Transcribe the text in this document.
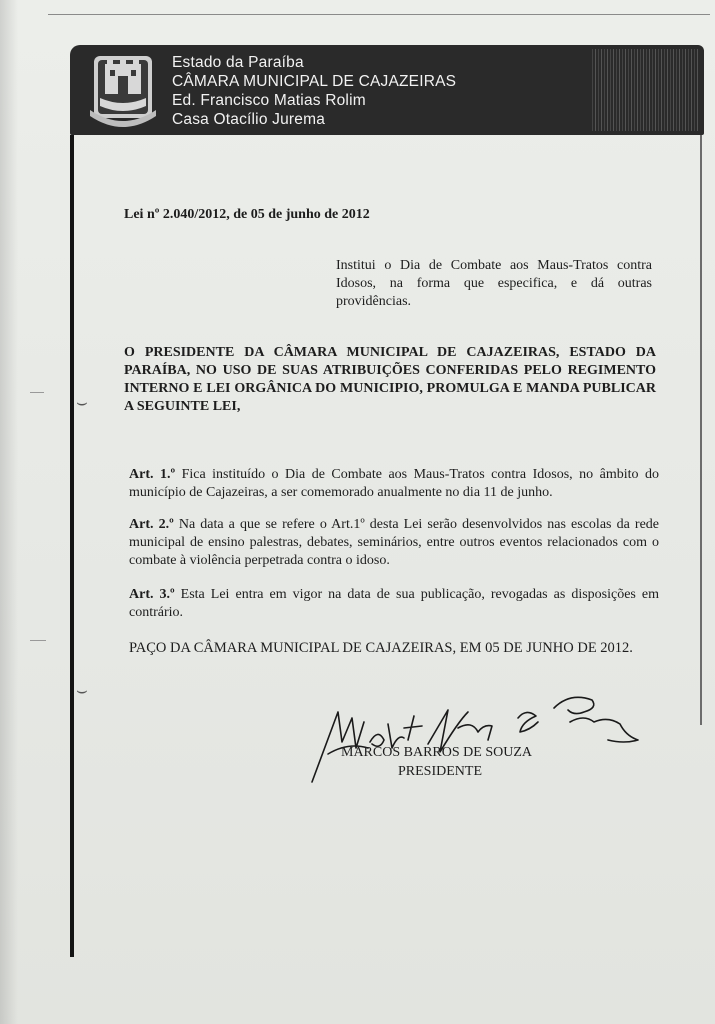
Estado da Paraíba
CÂMARA MUNICIPAL DE CAJAZEIRAS
Ed. Francisco Matias Rolim
Casa Otacílio Jurema
Lei nº 2.040/2012, de 05 de junho de 2012
Institui o Dia de Combate aos Maus-Tratos contra Idosos, na forma que especifica, e dá outras providências.
O PRESIDENTE DA CÂMARA MUNICIPAL DE CAJAZEIRAS, ESTADO DA PARAÍBA, NO USO DE SUAS ATRIBUIÇÕES CONFERIDAS PELO REGIMENTO INTERNO E LEI ORGÂNICA DO MUNICIPIO, PROMULGA E MANDA PUBLICAR A SEGUINTE LEI,
Art. 1.º Fica instituído o Dia de Combate aos Maus-Tratos contra Idosos, no âmbito do município de Cajazeiras, a ser comemorado anualmente no dia 11 de junho.
Art. 2.º Na data a que se refere o Art.1º desta Lei serão desenvolvidos nas escolas da rede municipal de ensino palestras, debates, seminários, entre outros eventos relacionados com o combate à violência perpetrada contra o idoso.
Art. 3.º Esta Lei entra em vigor na data de sua publicação, revogadas as disposições em contrário.
PAÇO DA CÂMARA MUNICIPAL DE CAJAZEIRAS, EM 05 DE JUNHO DE 2012.
MARCOS BARROS DE SOUZA
PRESIDENTE
⌣
⌣
